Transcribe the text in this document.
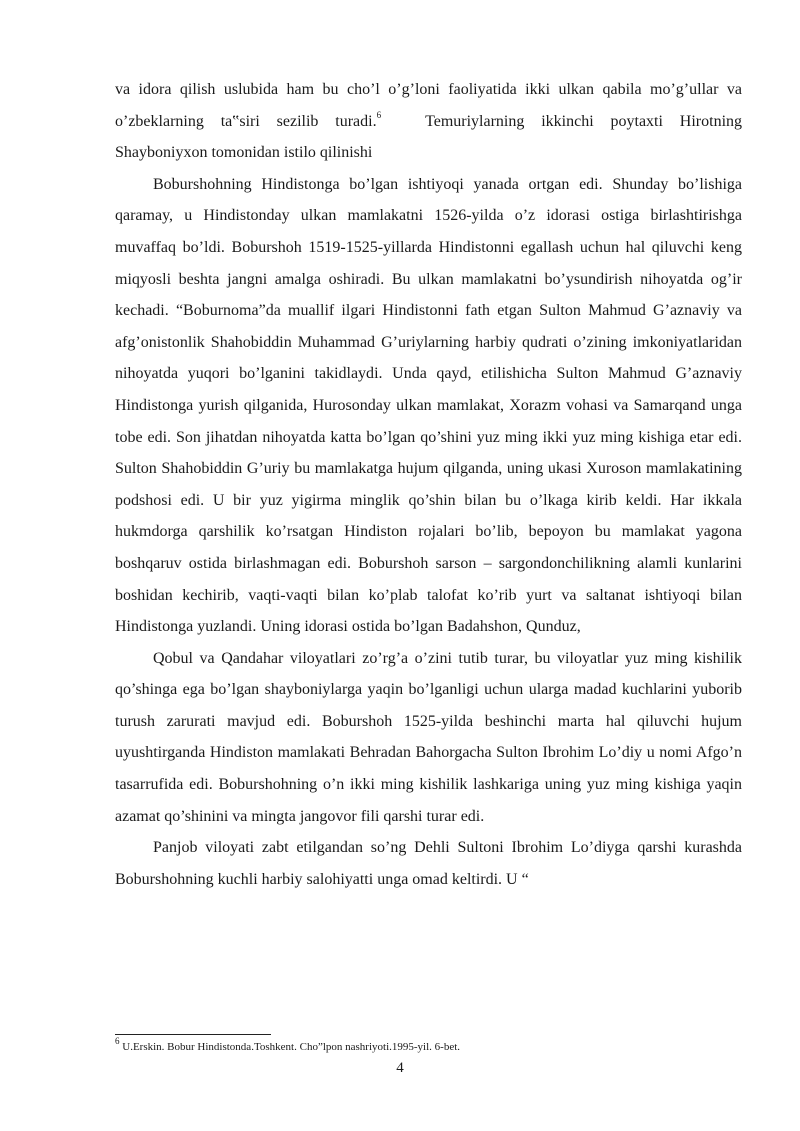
va idora qilish uslubida ham bu cho’l o’g’loni faoliyatida ikki ulkan qabila mo’g’ullar va o’zbeklarning ta‟siri sezilib turadi.$^6$	Temuriylarning ikkinchi poytaxti Hirotning Shayboniyxon tomonidan istilo qilinishi

Boburshohning Hindistonga bo’lgan ishtiyoqi yanada ortgan edi. Shunday bo’lishiga qaramay, u Hindistonday ulkan mamlakatni 1526-yilda o’z idorasi ostiga birlashtirishga muvaffaq bo’ldi. Boburshoh 1519-1525-yillarda Hindistonni egallash uchun hal qiluvchi keng miqyosli beshta jangni amalga oshiradi. Bu ulkan mamlakatni bo’ysundirish nihoyatda og’ir kechadi. “Boburnoma”da muallif ilgari Hindistonni fath etgan Sulton Mahmud G’aznaviy va afg’onistonlik Shahobiddin Muhammad G’uriylarning harbiy qudrati o’zining imkoniyatlaridan nihoyatda yuqori bo’lganini takidlaydi. Unda qayd, etilishicha Sulton Mahmud G’aznaviy Hindistonga yurish qilganida, Hurosonday ulkan mamlakat, Xorazm vohasi va Samarqand unga tobe edi. Son jihatdan nihoyatda katta bo’lgan qo’shini yuz ming ikki yuz ming kishiga etar edi. Sulton Shahobiddin G’uriy bu mamlakatga hujum qilganda, uning ukasi Xuroson mamlakatining podshosi edi. U bir yuz yigirma minglik qo’shin bilan bu o’lkaga kirib keldi. Har ikkala hukmdorga qarshilik ko’rsatgan Hindiston rojalari bo’lib, bepoyon bu mamlakat yagona boshqaruv ostida birlashmagan edi. Boburshoh sarson – sargondonchilikning alamli kunlarini boshidan kechirib, vaqti-vaqti bilan ko’plab talofat ko’rib yurt va saltanat ishtiyoqi bilan Hindistonga yuzlandi. Uning idorasi ostida bo’lgan Badahshon, Qunduz,

Qobul va Qandahar viloyatlari zo’rg’a o’zini tutib turar, bu viloyatlar yuz ming kishilik qo’shinga ega bo’lgan shayboniylarga yaqin bo’lganligi uchun ularga madad kuchlarini yuborib turush zarurati mavjud edi. Boburshoh 1525-yilda beshinchi marta hal qiluvchi hujum uyushtirganda Hindiston mamlakati Behradan Bahorgacha Sulton Ibrohim Lo’diy u nomi Afgo’n tasarrufida edi. Boburshohning o’n ikki ming kishilik lashkariga uning yuz ming kishiga yaqin azamat qo’shinini va mingta jangovor fili qarshi turar edi.

Panjob viloyati zabt etilgandan so’ng Dehli Sultoni Ibrohim Lo’diyga qarshi kurashda Boburshohning kuchli harbiy salohiyatti unga omad keltirdi. U “

$^6$ U.Erskin. Bobur Hindistonda.Toshkent. Cho”lpon nashriyoti.1995-yil. 6-bet.
4
